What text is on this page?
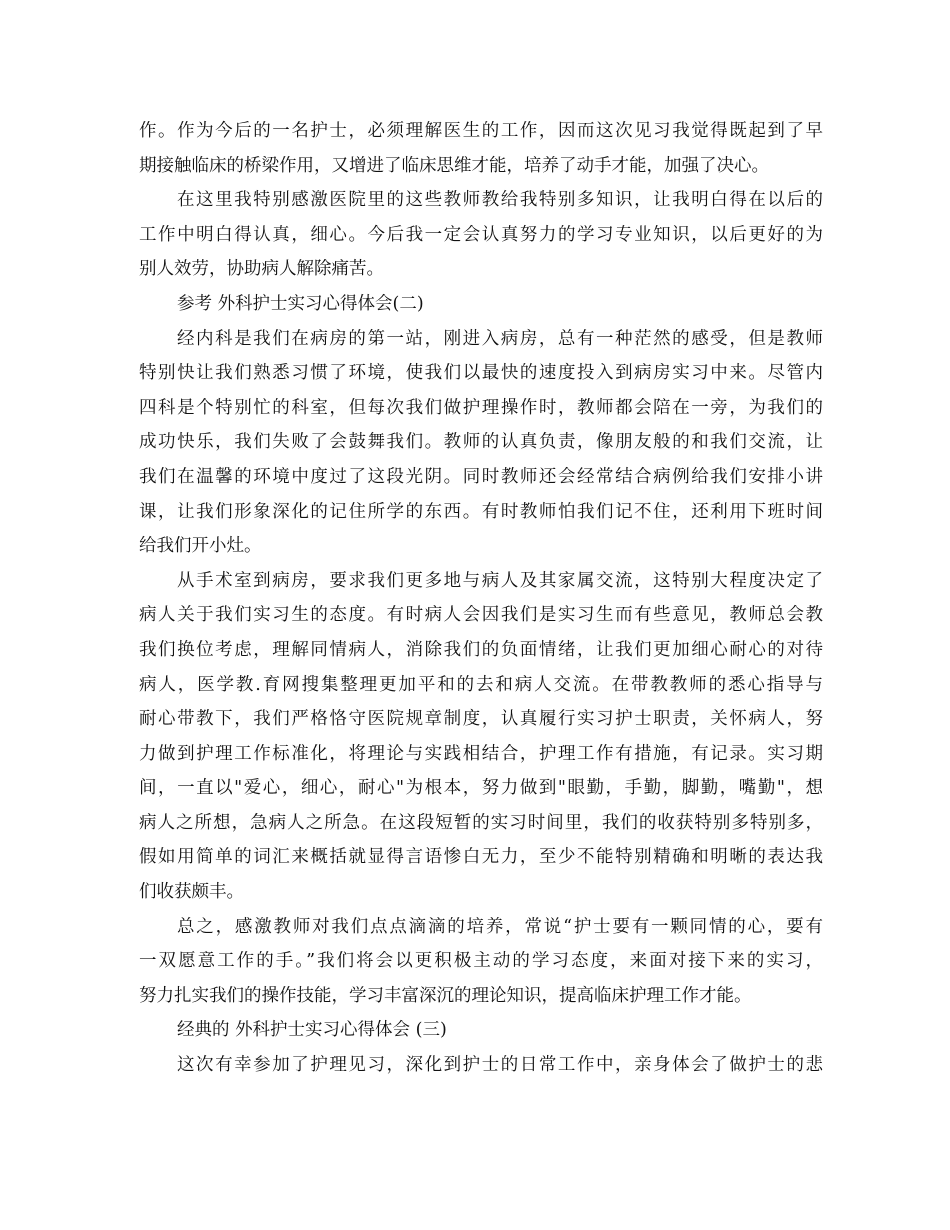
作。作为今后的一名护士，必须理解医生的工作，因而这次见习我觉得既起到了早
期接触临床的桥梁作用，又增进了临床思维才能，培养了动手才能，加强了决心。
在这里我特别感激医院里的这些教师教给我特别多知识，让我明白得在以后的
工作中明白得认真，细心。今后我一定会认真努力的学习专业知识，以后更好的为
别人效劳，协助病人解除痛苦。
参考 外科护士实习心得体会(二)
经内科是我们在病房的第一站，刚进入病房，总有一种茫然的感受，但是教师
特别快让我们熟悉习惯了环境，使我们以最快的速度投入到病房实习中来。尽管内
四科是个特别忙的科室，但每次我们做护理操作时，教师都会陪在一旁，为我们的
成功快乐，我们失败了会鼓舞我们。教师的认真负责，像朋友般的和我们交流，让
我们在温馨的环境中度过了这段光阴。同时教师还会经常结合病例给我们安排小讲
课，让我们形象深化的记住所学的东西。有时教师怕我们记不住，还利用下班时间
给我们开小灶。
从手术室到病房，要求我们更多地与病人及其家属交流，这特别大程度决定了
病人关于我们实习生的态度。有时病人会因我们是实习生而有些意见，教师总会教
我们换位考虑，理解同情病人，消除我们的负面情绪，让我们更加细心耐心的对待
病人，医学教.育网搜集整理更加平和的去和病人交流。在带教教师的悉心指导与
耐心带教下，我们严格恪守医院规章制度，认真履行实习护士职责，关怀病人，努
力做到护理工作标准化，将理论与实践相结合，护理工作有措施，有记录。实习期
间，一直以"爱心，细心，耐心"为根本，努力做到"眼勤，手勤，脚勤，嘴勤"，想
病人之所想，急病人之所急。在这段短暂的实习时间里，我们的收获特别多特别多，
假如用简单的词汇来概括就显得言语惨白无力，至少不能特别精确和明晰的表达我
们收获颇丰。
总之，感激教师对我们点点滴滴的培养，常说“护士要有一颗同情的心，要有
一双愿意工作的手。”我们将会以更积极主动的学习态度，来面对接下来的实习，
努力扎实我们的操作技能，学习丰富深沉的理论知识，提高临床护理工作才能。
经典的 外科护士实习心得体会 (三)
这次有幸参加了护理见习，深化到护士的日常工作中，亲身体会了做护士的悲
